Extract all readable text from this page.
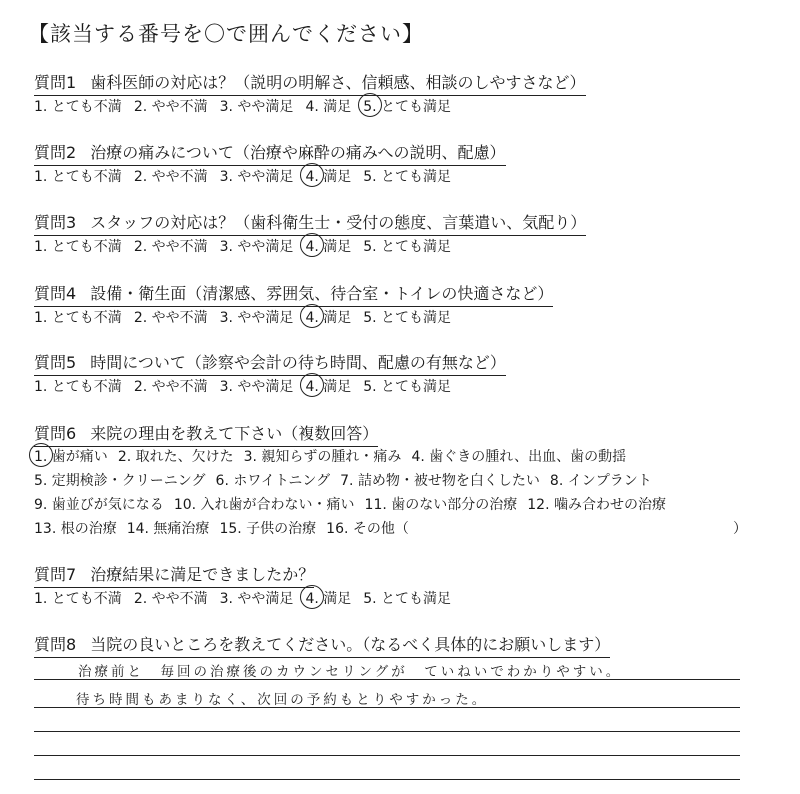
【該当する番号を〇で囲んでください】
質問1 歯科医師の対応は？（説明の明解さ、信頼感、相談のしやすさなど）
1. とても不満 2. やや不満 3. やや満足 4. 満足 5. とても満足
質問2 治療の痛みについて（治療や麻酔の痛みへの説明、配慮）
1. とても不満 2. やや不満 3. やや満足 4. 満足 5. とても満足
質問3 スタッフの対応は？（歯科衛生士・受付の態度、言葉遣い、気配り）
1. とても不満 2. やや不満 3. やや満足 4. 満足 5. とても満足
質問4 設備・衛生面（清潔感、雰囲気、待合室・トイレの快適さなど）
1. とても不満 2. やや不満 3. やや満足 4. 満足 5. とても満足
質問5 時間について（診察や会計の待ち時間、配慮の有無など）
1. とても不満 2. やや不満 3. やや満足 4. 満足 5. とても満足
質問6 来院の理由を教えて下さい（複数回答）
1. 歯が痛い 2. 取れた、欠けた 3. 親知らずの腫れ・痛み 4. 歯ぐきの腫れ、出血、歯の動揺
5. 定期検診・クリーニング 6. ホワイトニング 7. 詰め物・被せ物を白くしたい 8. インプラント
9. 歯並びが気になる 10. 入れ歯が合わない・痛い 11. 歯のない部分の治療 12. 噛み合わせの治療
13. 根の治療 14. 無痛治療 15. 子供の治療 16. その他（	）
質問7 治療結果に満足できましたか？
1. とても不満 2. やや不満 3. やや満足 4. 満足 5. とても満足
質問8 当院の良いところを教えてください。（なるべく具体的にお願いします）
治療前と　毎回の治療後のカウンセリングが　ていねいでわかりやすい。
待ち時間もあまりなく、次回の予約もとりやすかった。
